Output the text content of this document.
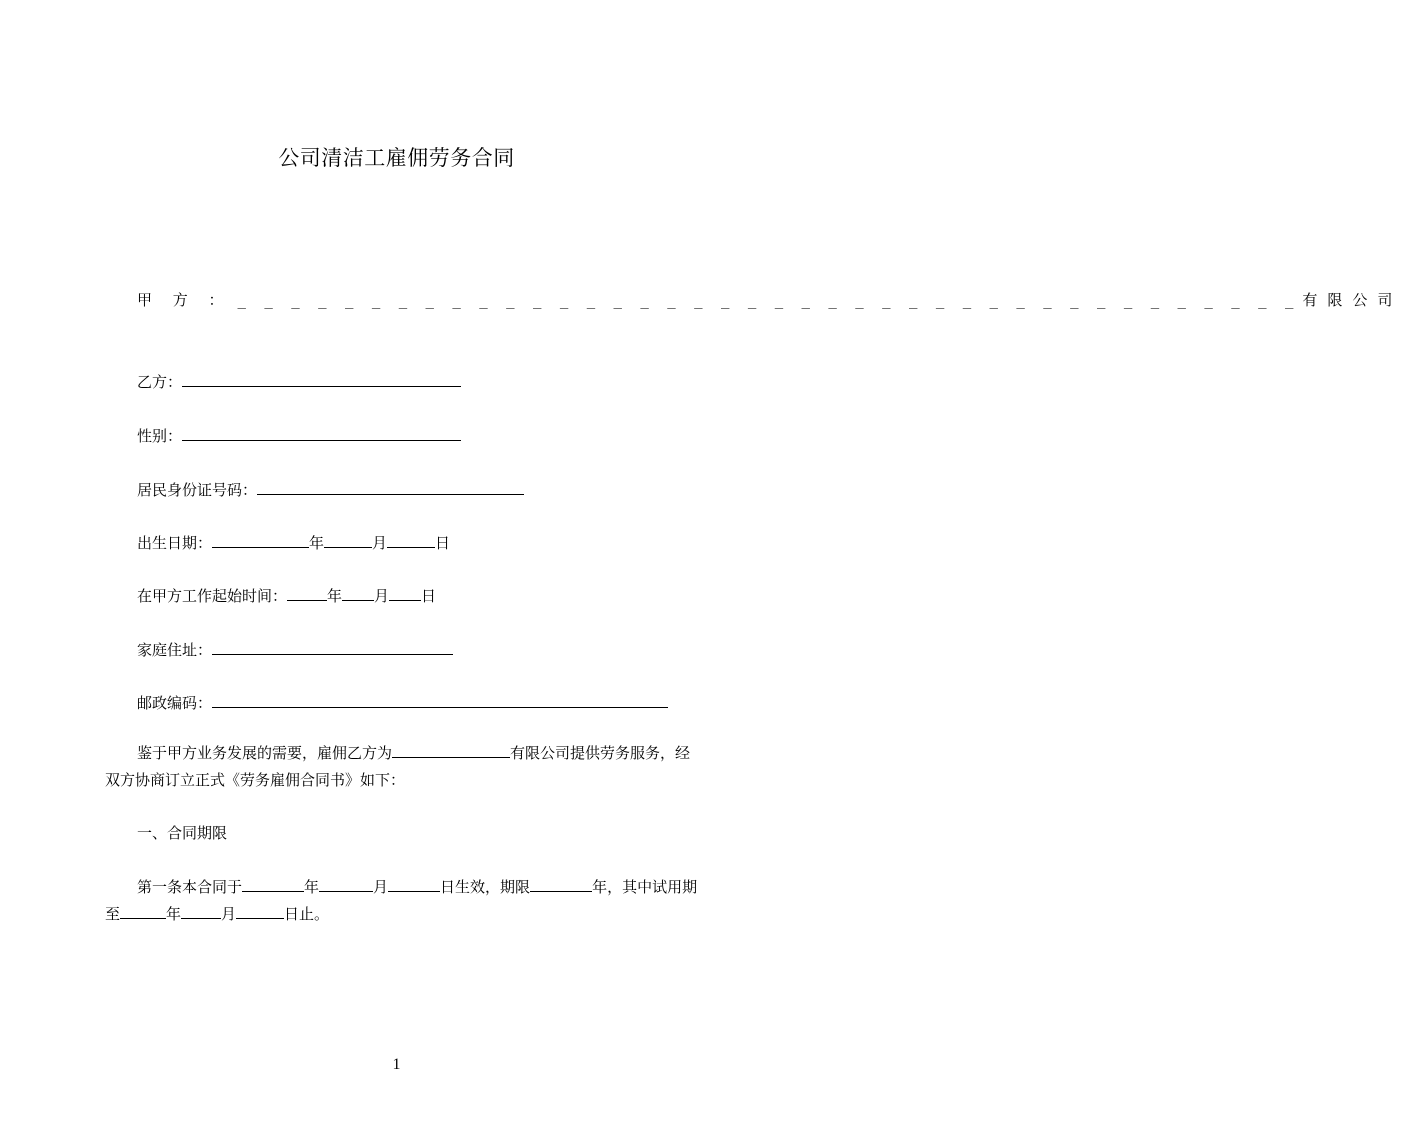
公司清洁工雇佣劳务合同
甲 方 ： _ _ _ _ _ _ _ _ _ _ _ _ _ _ _ _ _ _ _ _ _ _ _ _ _ _ _ _ _ _ _ _ _ _ _ _ _ _ _ _ 有限公司
乙方：
性别：
居民身份证号码：
出生日期：	年	月	日
在甲方工作起始时间：	年 月 日
家庭住址：
邮政编码：
鉴于甲方业务发展的需要，雇佣乙方为	有限公司提供劳务服务，经双方协商订立正式《劳务雇佣合同书》如下：
一、合同期限
第一条本合同于	年	月	日生效，期限	年，其中试用期至	年	月	日止。
1
